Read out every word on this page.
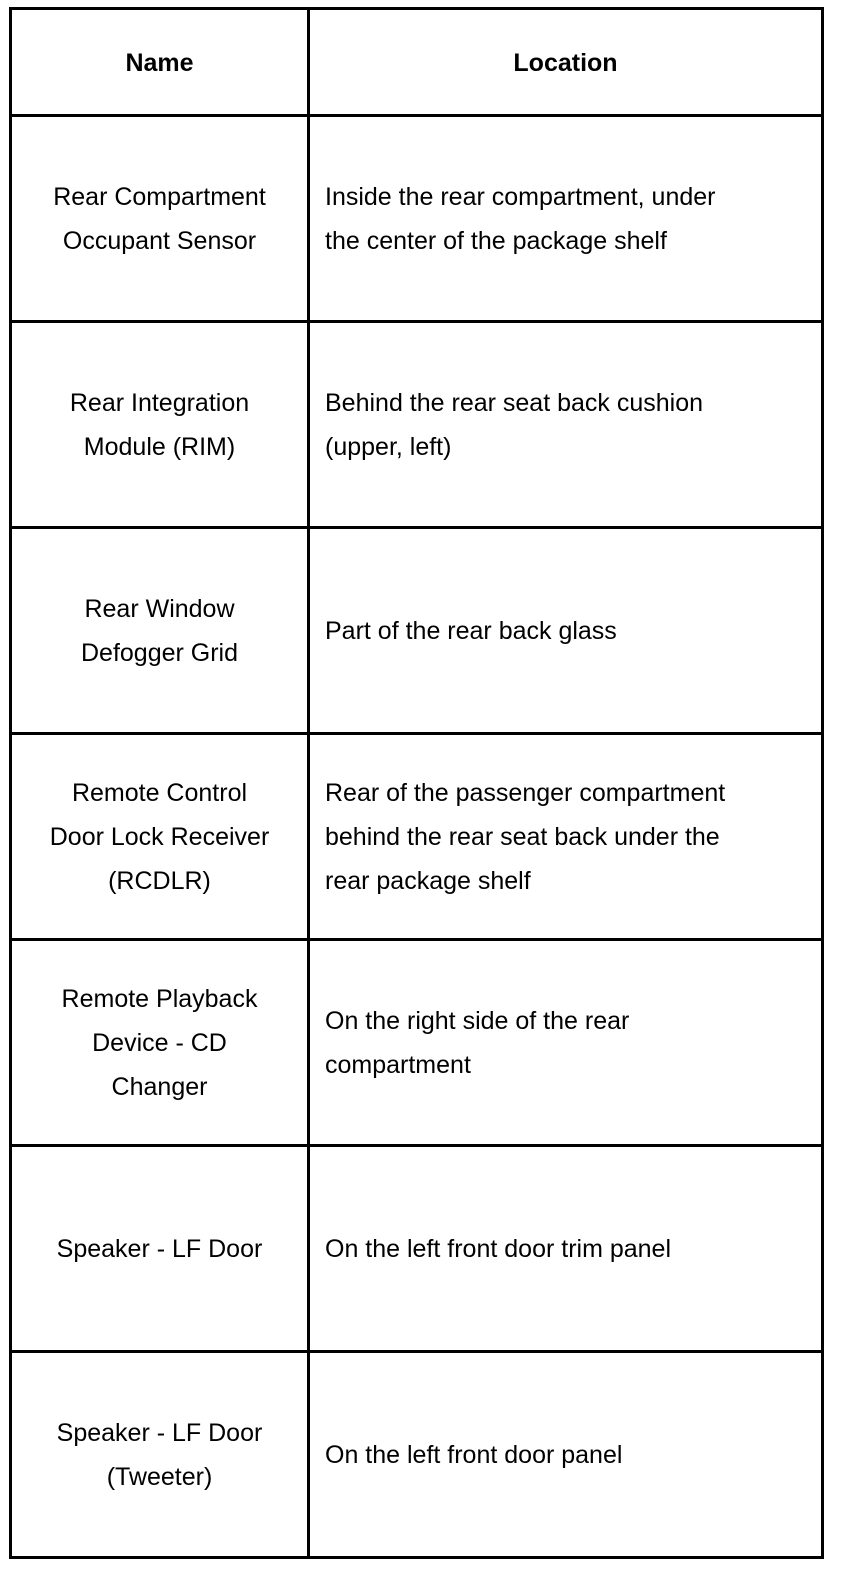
Name	Location

Rear Compartment
Occupant Sensor	Inside the rear compartment, under
the center of the package shelf

Rear Integration
Module (RIM)	Behind the rear seat back cushion
(upper, left)

Rear Window
Defogger Grid	Part of the rear back glass

Remote Control
Door Lock Receiver
(RCDLR)	Rear of the passenger compartment
behind the rear seat back under the
rear package shelf

Remote Playback
Device - CD
Changer	On the right side of the rear
compartment

Speaker - LF Door	On the left front door trim panel

Speaker - LF Door
(Tweeter)	On the left front door panel
